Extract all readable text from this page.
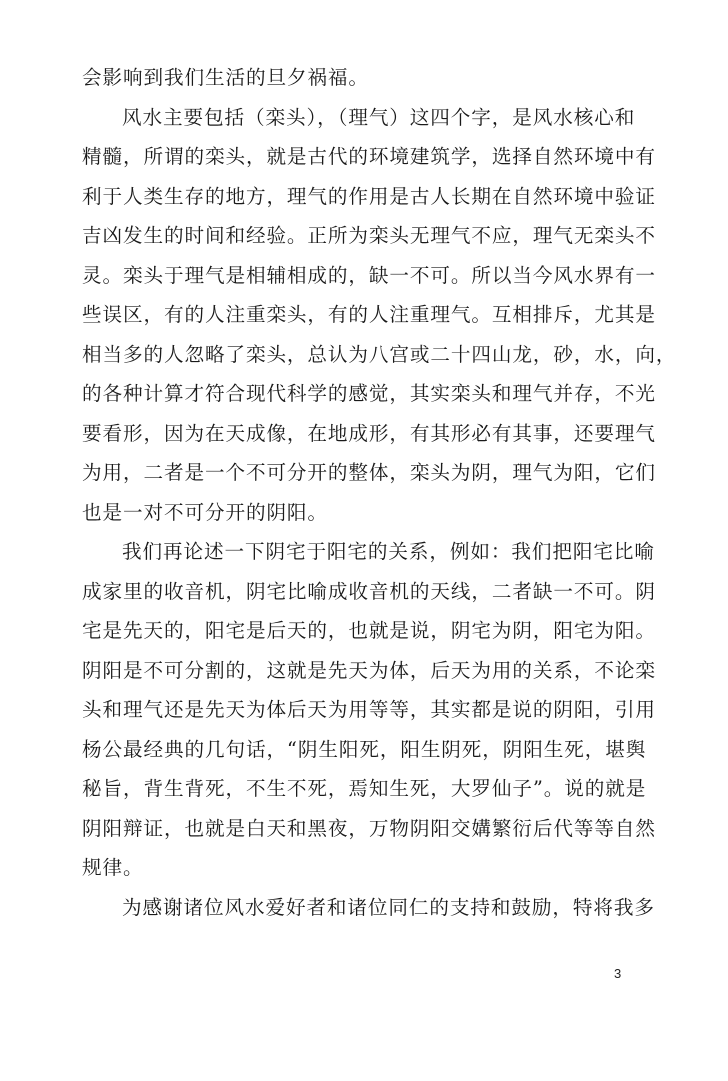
会影响到我们生活的旦夕祸福。
风水主要包括（栾头），（理气）这四个字，是风水核心和
精髓，所谓的栾头，就是古代的环境建筑学，选择自然环境中有
利于人类生存的地方，理气的作用是古人长期在自然环境中验证
吉凶发生的时间和经验。正所为栾头无理气不应，理气无栾头不
灵。栾头于理气是相辅相成的，缺一不可。所以当今风水界有一
些误区，有的人注重栾头，有的人注重理气。互相排斥，尤其是
相当多的人忽略了栾头，总认为八宫或二十四山龙，砂，水，向，
的各种计算才符合现代科学的感觉，其实栾头和理气并存，不光
要看形，因为在天成像，在地成形，有其形必有其事，还要理气
为用，二者是一个不可分开的整体，栾头为阴，理气为阳，它们
也是一对不可分开的阴阳。
我们再论述一下阴宅于阳宅的关系，例如：我们把阳宅比喻
成家里的收音机，阴宅比喻成收音机的天线，二者缺一不可。阴
宅是先天的，阳宅是后天的，也就是说，阴宅为阴，阳宅为阳。
阴阳是不可分割的，这就是先天为体，后天为用的关系，不论栾
头和理气还是先天为体后天为用等等，其实都是说的阴阳，引用
杨公最经典的几句话，“阴生阳死，阳生阴死，阴阳生死，堪舆
秘旨，背生背死，不生不死，焉知生死，大罗仙子”。说的就是
阴阳辩证，也就是白天和黑夜，万物阴阳交媾繁衍后代等等自然
规律。
为感谢诸位风水爱好者和诸位同仁的支持和鼓励，特将我多
3
